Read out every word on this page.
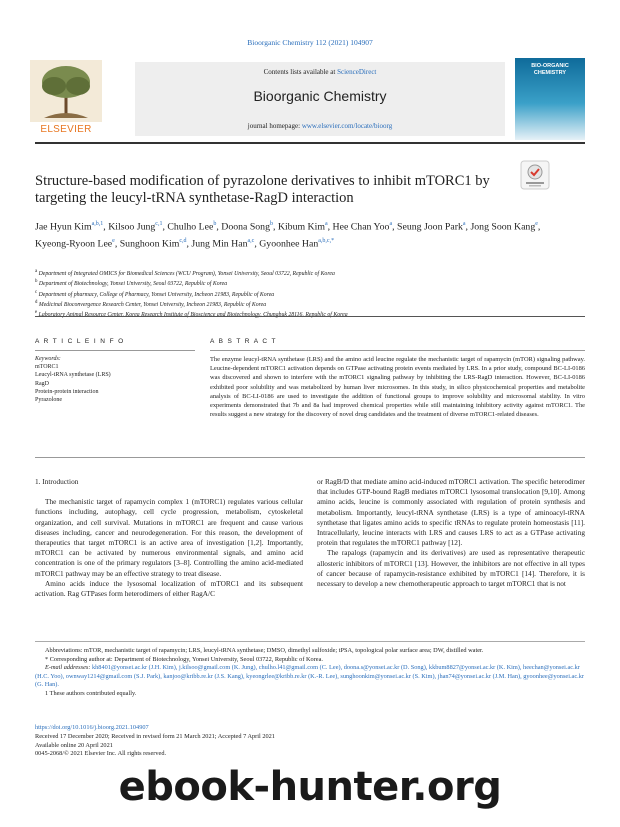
Bioorganic Chemistry 112 (2021) 104907
Contents lists available at ScienceDirect
Bioorganic Chemistry
journal homepage: www.elsevier.com/locate/bioorg
ELSEVIER
BIO-ORGANIC CHEMISTRY
Structure-based modification of pyrazolone derivatives to inhibit mTORC1 by targeting the leucyl-tRNA synthetase-RagD interaction
Jae Hyun Kim$^{a,b,1}$, Kilsoo Jung$^{c,1}$, Chulho Lee$^b$, Doona Song$^b$, Kibum Kim$^a$, Hee Chan Yoo$^a$, Seung Joon Park$^a$, Jong Soon Kang$^e$, Kyeong-Ryoon Lee$^e$, Sunghoon Kim$^{c,d}$, Jung Min Han$^{a,c}$, Gyoonhee Han$^{a,b,c,*}$
$^a$ Department of Integrated OMICS for Biomedical Sciences (WCU Program), Yonsei University, Seoul 03722, Republic of Korea
$^b$ Department of Biotechnology, Yonsei University, Seoul 03722, Republic of Korea
$^c$ Department of pharmacy, College of Pharmacy, Yonsei University, Incheon 21983, Republic of Korea
$^d$ Medicinal Bioconvergence Research Center, Yonsei University, Incheon 21983, Republic of Korea
$^e$
A R T I C L E I N F O	A B S T R A C T
Keywords:
mTORC1
Leucyl-tRNA synthetase (LRS)
RagD
Protein-protein interaction
Pyrazolone
The enzyme leucyl-tRNA synthetase (LRS) and the amino acid leucine regulate the mechanistic target of rapamycin (mTOR) signaling pathway. Leucine-dependent mTORC1 activation depends on GTPase activating protein events mediated by LRS. In a prior study, compound BC-LI-0186 was discovered and shown to interfere with the mTORC1 signaling pathway by inhibiting the LRS-RagD interaction. However, BC-LI-0186 exhibited poor solubility and was metabolized by human liver microsomes. In this study, in silico physicochemical properties and metabolite analysis of BC-LI-0186 are used to investigate the addition of functional groups to improve solubility and microsomal stability. In vitro experiments demonstrated that 7b and 8a had improved chemical properties while still maintaining inhibitory activity against mTORC1. The results suggest a new strategy for the discovery of novel drug candidates and the treatment of diverse mTORC1-related diseases.
1. Introduction

The mechanistic target of rapamycin complex 1 (mTORC1) regulates various cellular functions including, autophagy, cell cycle progression, metabolism, cytoskeletal organization, and cell survival. Mutations in mTORC1 are frequent and cause various diseases including, cancer and neurodegeneration. For this reason, the development of therapeutics that target mTORC1 is an active area of investigation [1,2]. Importantly, mTORC1 can be activated by numerous environmental signals, and amino acid concentration is one of the primary regulators [3–8]. Controlling the amino acid-mediated mTORC1 pathway may be an effective strategy to treat disease.

Amino acids induce the lysosomal localization of mTORC1 and its subsequent activation. Rag GTPases form heterodimers of either RagA/C

or RagB/D that mediate amino acid-induced mTORC1 activation. The specific heterodimer that includes GTP-bound RagB mediates mTORC1 lysosomal translocation [9,10]. Among amino acids, leucine is commonly associated with regulation of protein synthesis and metabolism. Importantly, leucyl-tRNA synthetase (LRS) is a type of aminoacyl-tRNA synthetase that ligates amino acids to specific tRNAs to regulate protein homeostasis [11]. Intracellularly, leucine interacts with LRS and causes LRS to act as a GTPase activating protein that regulates the mTORC1 pathway [12].

The rapalogs (rapamycin and its derivatives) are used as representative therapeutic allosteric inhibitors of mTORC1 [13]. However, the inhibitors are not effective in all types of cancer because of rapamycin-resistance exhibited by mTORC1 [14]. Therefore, it is necessary to develop a new chemotherapeutic approach to target mTORC1 that is not

Abbreviations: mTOR, mechanistic target of rapamycin; LRS, leucyl-tRNA synthetase; DMSO, dimethyl sulfoxide; tPSA, topological polar surface area; DW, distilled water.

* Corresponding author at: Department of Biotechnology, Yonsei University, Seoul 03722, Republic of Korea.

E-mail addresses: kh8401@yonsei.ac.kr (J.H. Kim), j.kilsoo@gmail.com (K. Jung), chulho.l41@gmail.com (C. Lee), doona.s@yonsei.ac.kr (D. Song), kkbum8827@yonsei.ac.kr (K. Kim), heechan@yonsei.ac.kr (H.C. Yoo), ownway1214@gmail.com (S.J. Park), kanjoo@kribb.re.kr (J.S. Kang), kyeongrlee@kribb.re.kr (K.-R. Lee), sunghoonkim@yonsei.ac.kr (S. Kim), jhan74@yonsei.ac.kr (J.M. Han), gyoonhee@yonsei.ac.kr (G. Han).

1 These authors contributed equally.

https://doi.org/10.1016/j.bioorg.2021.104907
Received 17 December 2020; Received in revised form 21 March 2021; Accepted 7 April 2021
Available online 20 April 2021
0045-2068/© 2021 Elsevier Inc. All rights reserved.
ebook-hunter.org
